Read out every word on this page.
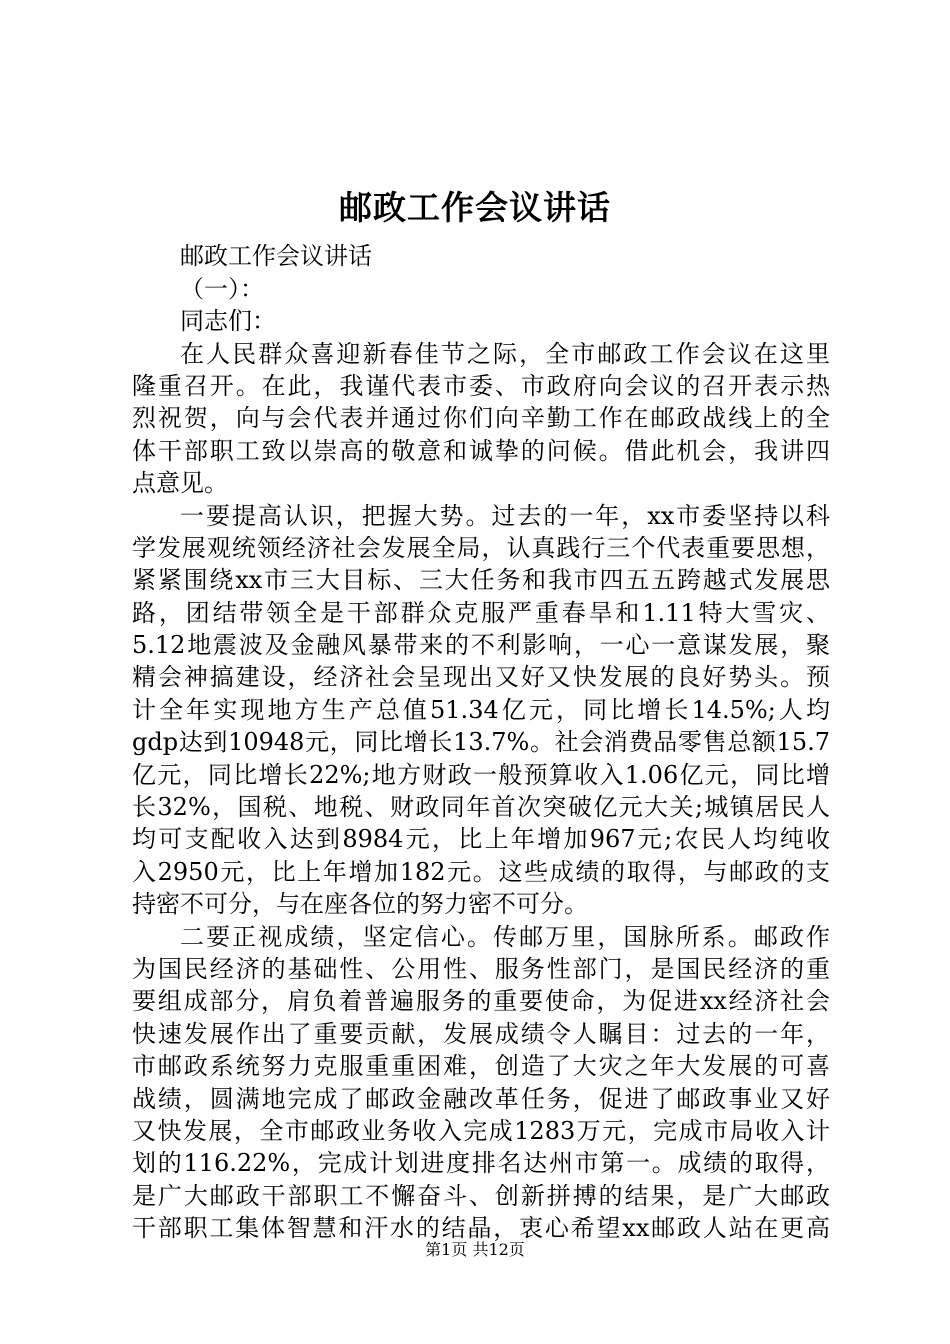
邮政工作会议讲话
邮政工作会议讲话
（一）：
同志们：
在人民群众喜迎新春佳节之际，全市邮政工作会议在这里
隆重召开。在此，我谨代表市委、市政府向会议的召开表示热
烈祝贺，向与会代表并通过你们向辛勤工作在邮政战线上的全
体干部职工致以崇高的敬意和诚挚的问候。借此机会，我讲四
点意见。
一要提高认识，把握大势。过去的一年，xx市委坚持以科
学发展观统领经济社会发展全局，认真践行三个代表重要思想，
紧紧围绕xx市三大目标、三大任务和我市四五五跨越式发展思
路，团结带领全是干部群众克服严重春旱和1.11特大雪灾、
5.12地震波及金融风暴带来的不利影响，一心一意谋发展，聚
精会神搞建设，经济社会呈现出又好又快发展的良好势头。预
计全年实现地方生产总值51.34亿元，同比增长14.5%;人均
gdp达到10948元，同比增长13.7%。社会消费品零售总额15.7
亿元，同比增长22%;地方财政一般预算收入1.06亿元，同比增
长32%，国税、地税、财政同年首次突破亿元大关;城镇居民人
均可支配收入达到8984元，比上年增加967元;农民人均纯收
入2950元，比上年增加182元。这些成绩的取得，与邮政的支
持密不可分，与在座各位的努力密不可分。
二要正视成绩，坚定信心。传邮万里，国脉所系。邮政作
为国民经济的基础性、公用性、服务性部门，是国民经济的重
要组成部分，肩负着普遍服务的重要使命，为促进xx经济社会
快速发展作出了重要贡献，发展成绩令人瞩目：过去的一年，
市邮政系统努力克服重重困难，创造了大灾之年大发展的可喜
战绩，圆满地完成了邮政金融改革任务，促进了邮政事业又好
又快发展，全市邮政业务收入完成1283万元，完成市局收入计
划的116.22%，完成计划进度排名达州市第一。成绩的取得，
是广大邮政干部职工不懈奋斗、创新拼搏的结果，是广大邮政
干部职工集体智慧和汗水的结晶，衷心希望xx邮政人站在更高
第1页 共12页
